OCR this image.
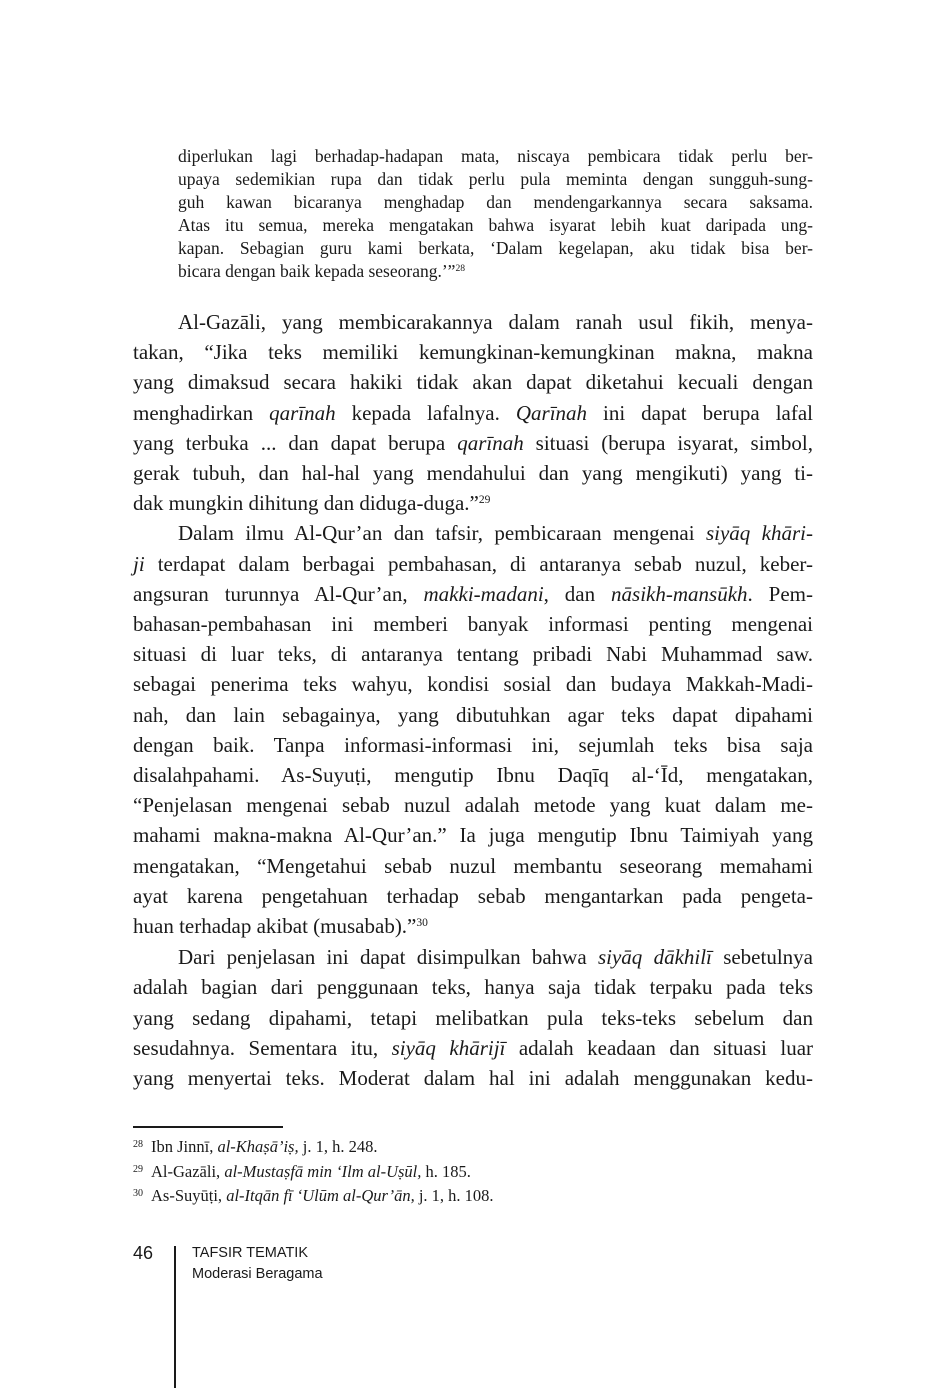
diperlukan lagi berhadap-hadapan mata, niscaya pembicara tidak perlu ber-
upaya sedemikian rupa dan tidak perlu pula meminta dengan sungguh-sung-
guh kawan bicaranya menghadap dan mendengarkannya secara saksama.
Atas itu semua, mereka mengatakan bahwa isyarat lebih kuat daripada ung-
kapan. Sebagian guru kami berkata, ‘Dalam kegelapan, aku tidak bisa ber-
bicara dengan baik kepada seseorang.’”$^{28}$
Al-Gazāli, yang membicarakannya dalam ranah usul fikih, menya-
takan, “Jika teks memiliki kemungkinan-kemungkinan makna, makna
yang dimaksud secara hakiki tidak akan dapat diketahui kecuali dengan
menghadirkan qarīnah kepada lafalnya. Qarīnah ini dapat berupa lafal
yang terbuka ... dan dapat berupa qarīnah situasi (berupa isyarat, simbol,
gerak tubuh, dan hal-hal yang mendahului dan yang mengikuti) yang ti-
dak mungkin dihitung dan diduga-duga.”$^{29}$
Dalam ilmu Al-Qur’an dan tafsir, pembicaraan mengenai siyāq khāri-
ji terdapat dalam berbagai pembahasan, di antaranya sebab nuzul, keber-
angsuran turunnya Al-Qur’an, makki-madani, dan nāsikh-mansūkh. Pem-
bahasan-pembahasan ini memberi banyak informasi penting mengenai
situasi di luar teks, di antaranya tentang pribadi Nabi Muhammad saw.
sebagai penerima teks wahyu, kondisi sosial dan budaya Makkah-Madi-
nah, dan lain sebagainya, yang dibutuhkan agar teks dapat dipahami
dengan baik. Tanpa informasi-informasi ini, sejumlah teks bisa saja
disalahpahami. As-Suyuṭi, mengutip Ibnu Daqīq al-‘Īd, mengatakan,
“Penjelasan mengenai sebab nuzul adalah metode yang kuat dalam me-
mahami makna-makna Al-Qur’an.” Ia juga mengutip Ibnu Taimiyah yang
mengatakan, “Mengetahui sebab nuzul membantu seseorang memahami
ayat karena pengetahuan terhadap sebab mengantarkan pada pengeta-
huan terhadap akibat (musabab).”$^{30}$
Dari penjelasan ini dapat disimpulkan bahwa siyāq dākhilī sebetulnya
adalah bagian dari penggunaan teks, hanya saja tidak terpaku pada teks
yang sedang dipahami, tetapi melibatkan pula teks-teks sebelum dan
sesudahnya. Sementara itu, siyāq khārijī adalah keadaan dan situasi luar
yang menyertai teks. Moderat dalam hal ini adalah menggunakan kedu-
28 Ibn Jinnī, al-Khaṣā’iṣ, j. 1, h. 248.
29 Al-Gazāli, al-Mustaṣfā min ‘Ilm al-Uṣūl, h. 185.
30 As-Suyūṭi, al-Itqān fī ‘Ulūm al-Qur’ān, j. 1, h. 108.
46	TAFSIR TEMATIK
Moderasi Beragama
